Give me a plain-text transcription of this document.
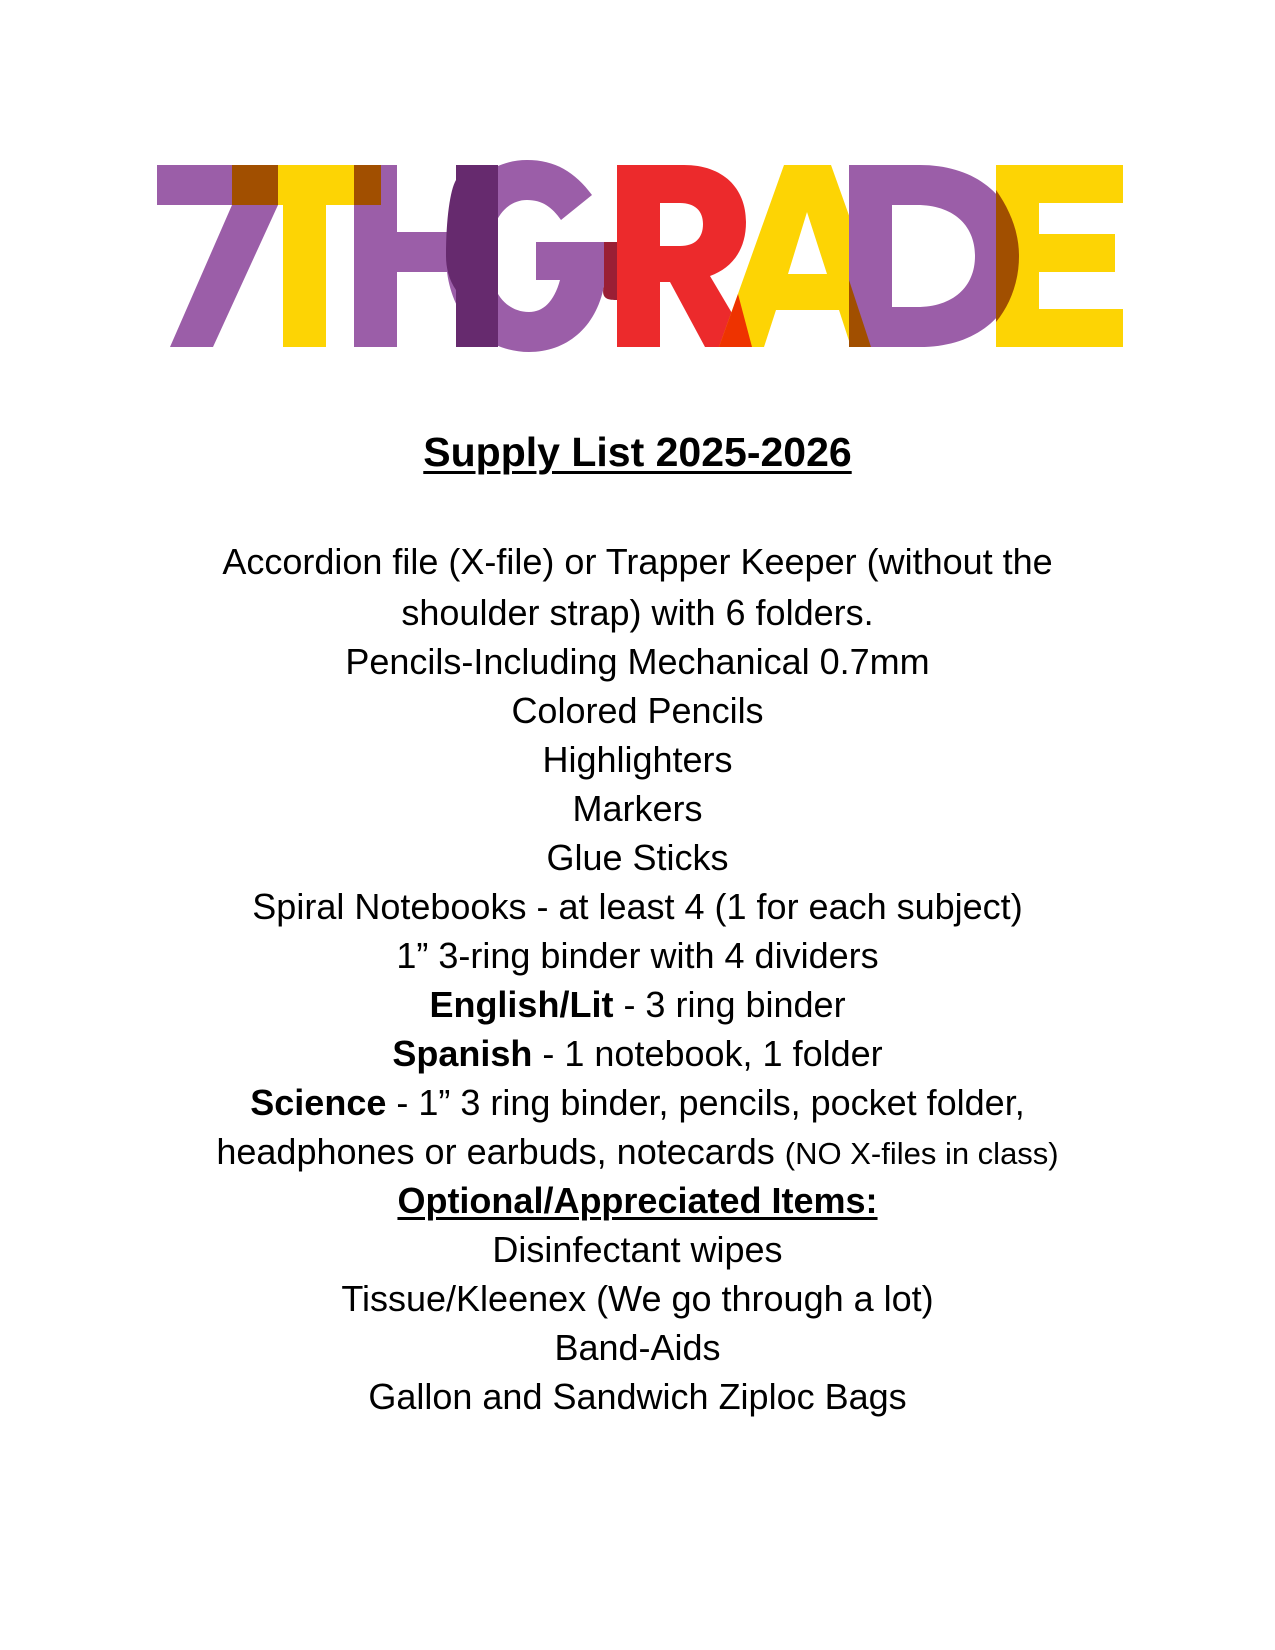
Supply List 2025-2026
Accordion file (X-file) or Trapper Keeper (without the
shoulder strap) with 6 folders.
Pencils-Including Mechanical 0.7mm
Colored Pencils
Highlighters
Markers
Glue Sticks
Spiral Notebooks - at least 4 (1 for each subject)
1” 3-ring binder with 4 dividers
English/Lit - 3 ring binder
Spanish - 1 notebook, 1 folder
Science - 1” 3 ring binder, pencils, pocket folder,
headphones or earbuds, notecards (NO X-files in class)
Optional/Appreciated Items:
Disinfectant wipes
Tissue/Kleenex (We go through a lot)
Band-Aids
Gallon and Sandwich Ziploc Bags
